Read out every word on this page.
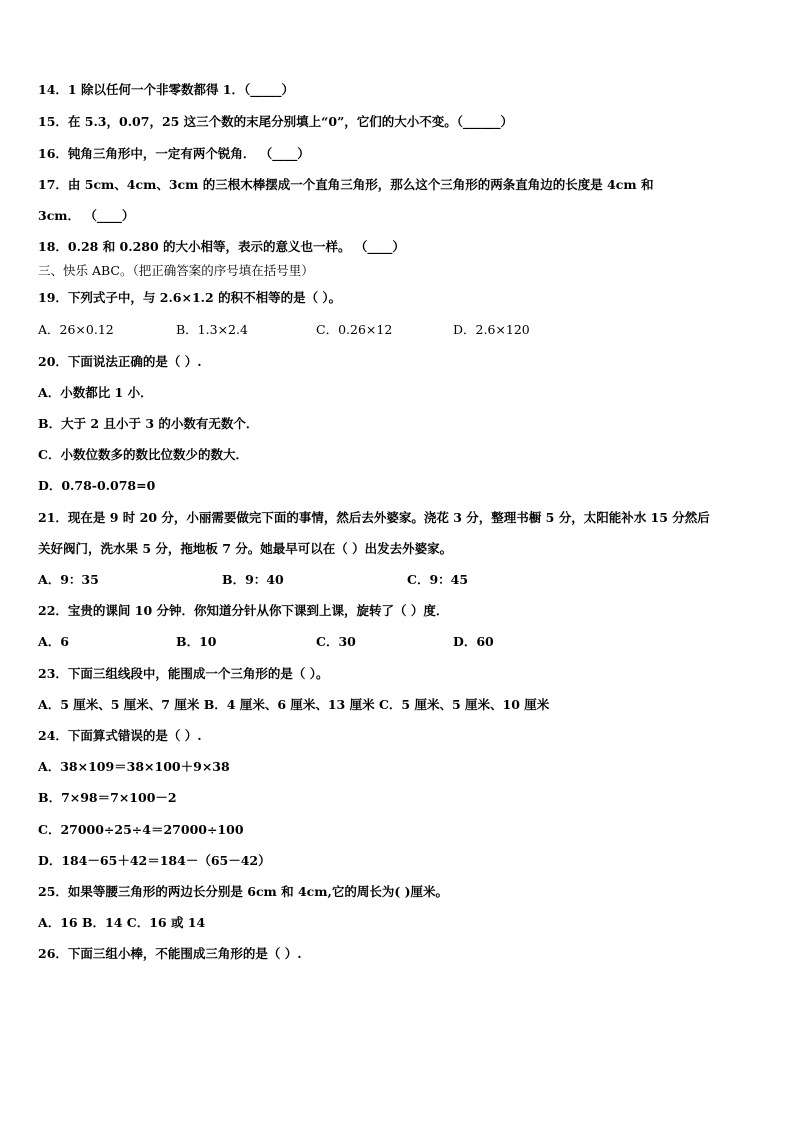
14．1 除以任何一个非零数都得 1．（_____）
15．在 5.3，0.07，25 这三个数的末尾分别填上“0”，它们的大小不变。（______）
16．钝角三角形中，一定有两个锐角． （____）
17．由 5cm、4cm、3cm 的三根木棒摆成一个直角三角形，那么这个三角形的两条直角边的长度是 4cm 和
3cm． （____）
18．0.28 和 0.280 的大小相等，表示的意义也一样。 （____）
三、快乐 ABC。（把正确答案的序号填在括号里）
19．下列式子中，与 2.6×1.2 的积不相等的是（ ）。
A．26×0.12	B．1.3×2.4	C．0.26×12	D．2.6×120
20．下面说法正确的是（ ）.
A．小数都比 1 小．
B．大于 2 且小于 3 的小数有无数个．
C．小数位数多的数比位数少的数大．
D．0.78-0.078=0
21．现在是 9 时 20 分，小丽需要做完下面的事情，然后去外婆家。浇花 3 分，整理书橱 5 分，太阳能补水 15 分然后
关好阀门，洗水果 5 分，拖地板 7 分。她最早可以在（ ）出发去外婆家。
A．9：35	B．9：40	C．9：45
22．宝贵的课间 10 分钟．你知道分针从你下课到上课，旋转了（ ）度．
A．6	B．10	C．30	D．60
23．下面三组线段中，能围成一个三角形的是（ ）。
A．5 厘米、5 厘米、7 厘米 B．4 厘米、6 厘米、13 厘米 C．5 厘米、5 厘米、10 厘米
24．下面算式错误的是（ ）.
A．38×109＝38×100＋9×38
B．7×98＝7×100－2
C．27000÷25÷4＝27000÷100
D．184－65＋42＝184－（65－42）
25．如果等腰三角形的两边长分别是 6cm 和 4cm,它的周长为( )厘米。
A．16 B．14 C．16 或 14
26．下面三组小棒，不能围成三角形的是（ ）.
